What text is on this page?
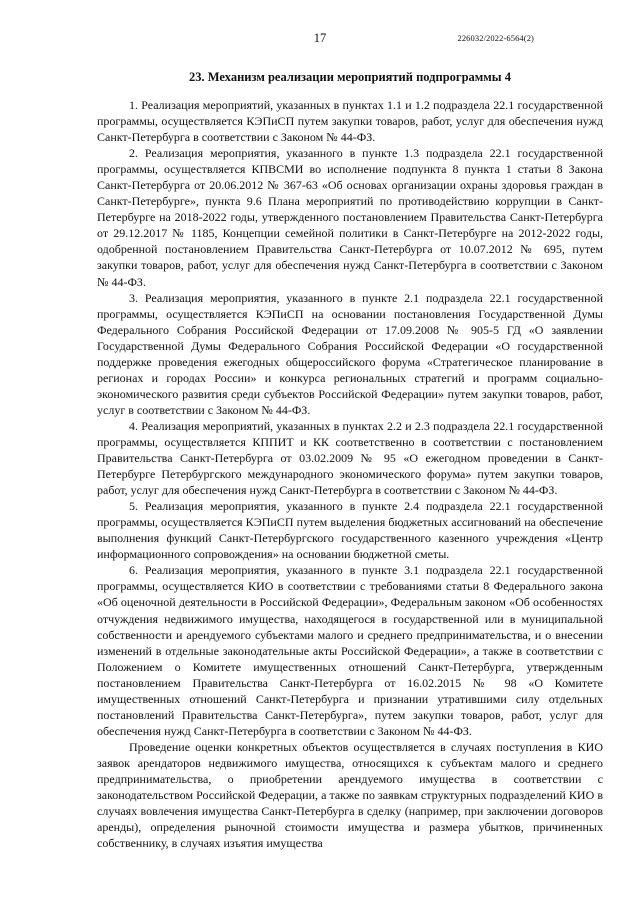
17	226032/2022-6564(2)
23. Механизм реализации мероприятий подпрограммы 4

1. Реализация мероприятий, указанных в пунктах 1.1 и 1.2 подраздела 22.1 государственной программы, осуществляется КЭПиСП путем закупки товаров, работ, услуг для обеспечения нужд Санкт-Петербурга в соответствии с Законом № 44-ФЗ.

2. Реализация мероприятия, указанного в пункте 1.3 подраздела 22.1 государственной программы, осуществляется КПВСМИ во исполнение подпункта 8 пункта 1 статьи 8 Закона Санкт-Петербурга от 20.06.2012 № 367-63 «Об основах организации охраны здоровья граждан в Санкт-Петербурге», пункта 9.6 Плана мероприятий по противодействию коррупции в Санкт-Петербурге на 2018-2022 годы, утвержденного постановлением Правительства Санкт-Петербурга от 29.12.2017 № 1185, Концепции семейной политики в Санкт-Петербурге на 2012-2022 годы, одобренной постановлением Правительства Санкт-Петербурга от 10.07.2012 № 695, путем закупки товаров, работ, услуг для обеспечения нужд Санкт-Петербурга в соответствии с Законом № 44-ФЗ.

3. Реализация мероприятия, указанного в пункте 2.1 подраздела 22.1 государственной программы, осуществляется КЭПиСП на основании постановления Государственной Думы Федерального Собрания Российской Федерации от 17.09.2008 № 905-5 ГД «О заявлении Государственной Думы Федерального Собрания Российской Федерации «О государственной поддержке проведения ежегодных общероссийского форума «Стратегическое планирование в регионах и городах России» и конкурса региональных стратегий и программ социально-экономического развития среди субъектов Российской Федерации» путем закупки товаров, работ, услуг в соответствии с Законом № 44-ФЗ.

4. Реализация мероприятий, указанных в пунктах 2.2 и 2.3 подраздела 22.1 государственной программы, осуществляется КППИТ и КК соответственно в соответствии с постановлением Правительства Санкт-Петербурга от 03.02.2009 № 95 «О ежегодном проведении в Санкт-Петербурге Петербургского международного экономического форума» путем закупки товаров, работ, услуг для обеспечения нужд Санкт-Петербурга в соответствии с Законом № 44-ФЗ.

5. Реализация мероприятия, указанного в пункте 2.4 подраздела 22.1 государственной программы, осуществляется КЭПиСП путем выделения бюджетных ассигнований на обеспечение выполнения функций Санкт-Петербургского государственного казенного учреждения «Центр информационного сопровождения» на основании бюджетной сметы.

6. Реализация мероприятия, указанного в пункте 3.1 подраздела 22.1 государственной программы, осуществляется КИО в соответствии с требованиями статьи 8 Федерального закона «Об оценочной деятельности в Российской Федерации», Федеральным законом «Об особенностях отчуждения недвижимого имущества, находящегося в государственной или в муниципальной собственности и арендуемого субъектами малого и среднего предпринимательства, и о внесении изменений в отдельные законодательные акты Российской Федерации», а также в соответствии с Положением о Комитете имущественных отношений Санкт-Петербурга, утвержденным постановлением Правительства Санкт-Петербурга от 16.02.2015 № 98 «О Комитете имущественных отношений Санкт-Петербурга и признании утратившими силу отдельных постановлений Правительства Санкт-Петербурга», путем закупки товаров, работ, услуг для обеспечения нужд Санкт-Петербурга в соответствии с Законом № 44-ФЗ.

Проведение оценки конкретных объектов осуществляется в случаях поступления в КИО заявок арендаторов недвижимого имущества, относящихся к субъектам малого и среднего предпринимательства, о приобретении арендуемого имущества в соответствии с законодательством Российской Федерации, а также по заявкам структурных подразделений КИО в случаях вовлечения имущества Санкт-Петербурга в сделку (например, при заключении договоров аренды), определения рыночной стоимости имущества и размера убытков, причиненных собственнику, в случаях изъятия имущества
